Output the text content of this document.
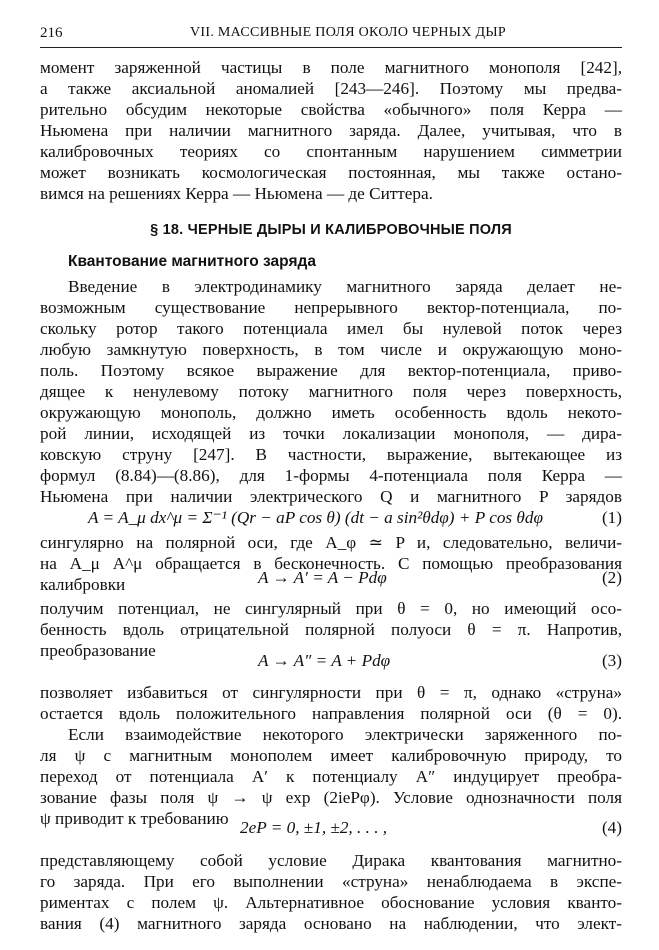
216	VII. МАССИВНЫЕ ПОЛЯ ОКОЛО ЧЕРНЫХ ДЫР
момент заряженной частицы в поле магнитного монополя [242],
а также аксиальной аномалией [243—246]. Поэтому мы предва-
рительно обсудим некоторые свойства «обычного» поля Керра —
Ньюмена при наличии магнитного заряда. Далее, учитывая, что в
калибровочных теориях со спонтанным нарушением симметрии
может возникать космологическая постоянная, мы также остано-
вимся на решениях Керра — Ньюмена — де Ситтера.
§ 18. ЧЕРНЫЕ ДЫРЫ И КАЛИБРОВОЧНЫЕ ПОЛЯ
Квантование магнитного заряда
Введение в электродинамику магнитного заряда делает не-
возможным существование непрерывного вектор-потенциала, по-
скольку ротор такого потенциала имел бы нулевой поток через
любую замкнутую поверхность, в том числе и окружающую моно-
поль. Поэтому всякое выражение для вектор-потенциала, приво-
дящее к ненулевому потоку магнитного поля через поверхность,
окружающую монополь, должно иметь особенность вдоль некото-
рой линии, исходящей из точки локализации монополя, — дира-
ковскую струну [247]. В частности, выражение, вытекающее из
формул (8.84)—(8.86), для 1-формы 4-потенциала поля Керра —
Ньюмена при наличии электрического Q и магнитного P зарядов
A = A_μ dx^μ = Σ⁻¹ (Qr − aP cos θ) (dt − a sin²θdφ) + P cos θdφ	(1)
сингулярно на полярной оси, где A_φ ≃ P и, следовательно, величи-
на A_μ A^μ обращается в бесконечность. С помощью преобразования
калибровки	A → A′ = A − Pdφ	(2)
получим потенциал, не сингулярный при θ = 0, но имеющий осо-
бенность вдоль отрицательной полярной полуоси θ = π. Напротив,
преобразование
A → A″ = A + Pdφ	(3)
позволяет избавиться от сингулярности при θ = π, однако «струна»
остается вдоль положительного направления полярной оси (θ = 0).
Если взаимодействие некоторого электрически заряженного по-
ля ψ с магнитным монополем имеет калибровочную природу, то
переход от потенциала A′ к потенциалу A″ индуцирует преобра-
зование фазы поля ψ → ψ exp (2iePφ). Условие однозначности поля
ψ приводит к требованию 2eP = 0, ±1, ±2, . . . ,	(4)
представляющему собой условие Дирака квантования магнитно-
го заряда. При его выполнении «струна» ненаблюдаема в экспе-
риментах с полем ψ. Альтернативное обоснование условия кванто-
вания (4) магнитного заряда основано на наблюдении, что элект-
